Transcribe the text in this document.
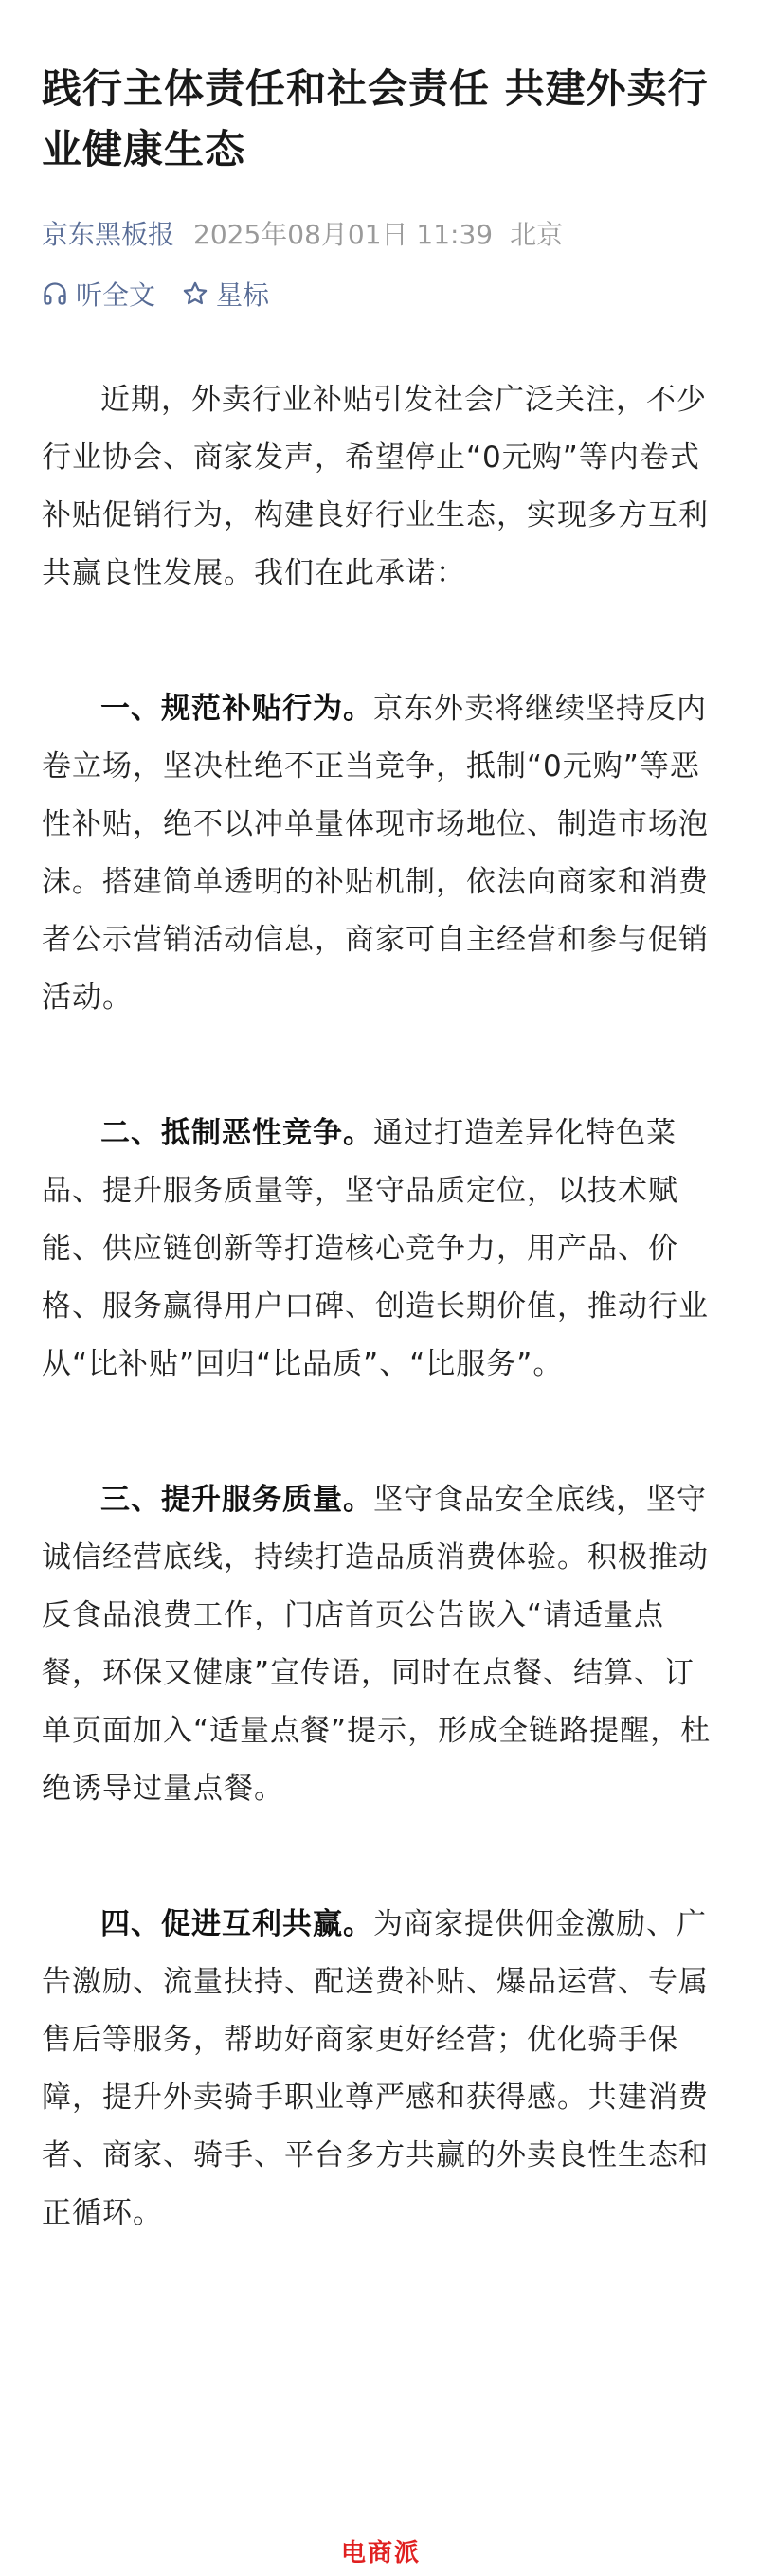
践行主体责任和社会责任 共建外卖行业健康生态
京东黑板报 2025年08月01日 11:39 北京
听全文 星标

近期，外卖行业补贴引发社会广泛关注，不少行业协会、商家发声，希望停止“0元购”等内卷式补贴促销行为，构建良好行业生态，实现多方互利共赢良性发展。我们在此承诺：

一、规范补贴行为。京东外卖将继续坚持反内卷立场，坚决杜绝不正当竞争，抵制“0元购”等恶性补贴，绝不以冲单量体现市场地位、制造市场泡沫。搭建简单透明的补贴机制，依法向商家和消费者公示营销活动信息，商家可自主经营和参与促销活动。

二、抵制恶性竞争。通过打造差异化特色菜品、提升服务质量等，坚守品质定位，以技术赋能、供应链创新等打造核心竞争力，用产品、价格、服务赢得用户口碑、创造长期价值，推动行业从“比补贴”回归“比品质”、“比服务”。

三、提升服务质量。坚守食品安全底线，坚守诚信经营底线，持续打造品质消费体验。积极推动反食品浪费工作，门店首页公告嵌入“请适量点餐，环保又健康”宣传语，同时在点餐、结算、订单页面加入“适量点餐”提示，形成全链路提醒，杜绝诱导过量点餐。

四、促进互利共赢。为商家提供佣金激励、广告激励、流量扶持、配送费补贴、爆品运营、专属售后等服务，帮助好商家更好经营；优化骑手保障，提升外卖骑手职业尊严感和获得感。共建消费者、商家、骑手、平台多方共赢的外卖良性生态和正循环。

电商派
